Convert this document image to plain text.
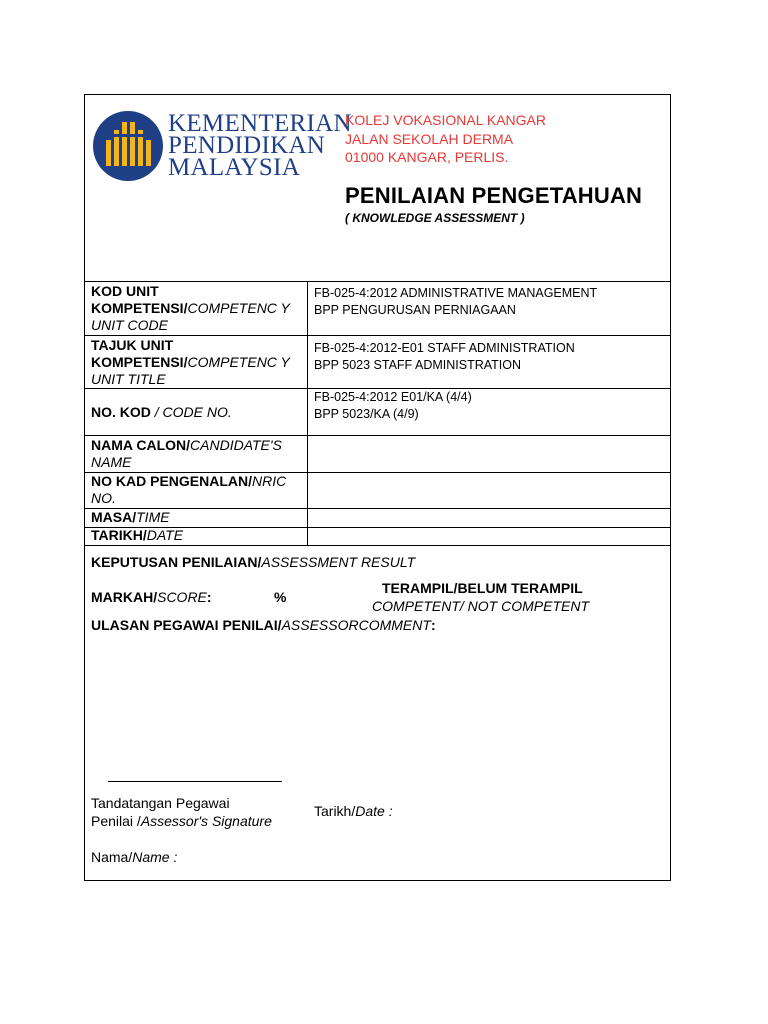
KEMENTERIAN
PENDIDIKAN
MALAYSIA
KOLEJ VOKASIONAL KANGAR
JALAN SEKOLAH DERMA
01000 KANGAR, PERLIS.
PENILAIAN PENGETAHUAN
( KNOWLEDGE ASSESSMENT )
KOD UNIT KOMPETENSI/COMPETENC Y UNIT CODE
FB-025-4:2012 ADMINISTRATIVE MANAGEMENT
BPP PENGURUSAN PERNIAGAAN
TAJUK UNIT KOMPETENSI/COMPETENC Y UNIT TITLE
FB-025-4:2012-E01 STAFF ADMINISTRATION
BPP 5023 STAFF ADMINISTRATION
NO. KOD / CODE NO.
FB-025-4:2012 E01/KA (4/4)
BPP 5023/KA (4/9)
NAMA CALON/CANDIDATE'S NAME
NO KAD PENGENALAN/NRIC NO.
MASA/TIME
TARIKH/DATE
KEPUTUSAN PENILAIAN/ASSESSMENT RESULT
MARKAH/SCORE:	%
TERAMPIL/BELUM TERAMPIL
COMPETENT/ NOT COMPETENT
ULASAN PEGAWAI PENILAI/ASSESSORCOMMENT:
Tandatangan Pegawai
Penilai /Assessor's Signature
Tarikh/Date :
Nama/Name :
